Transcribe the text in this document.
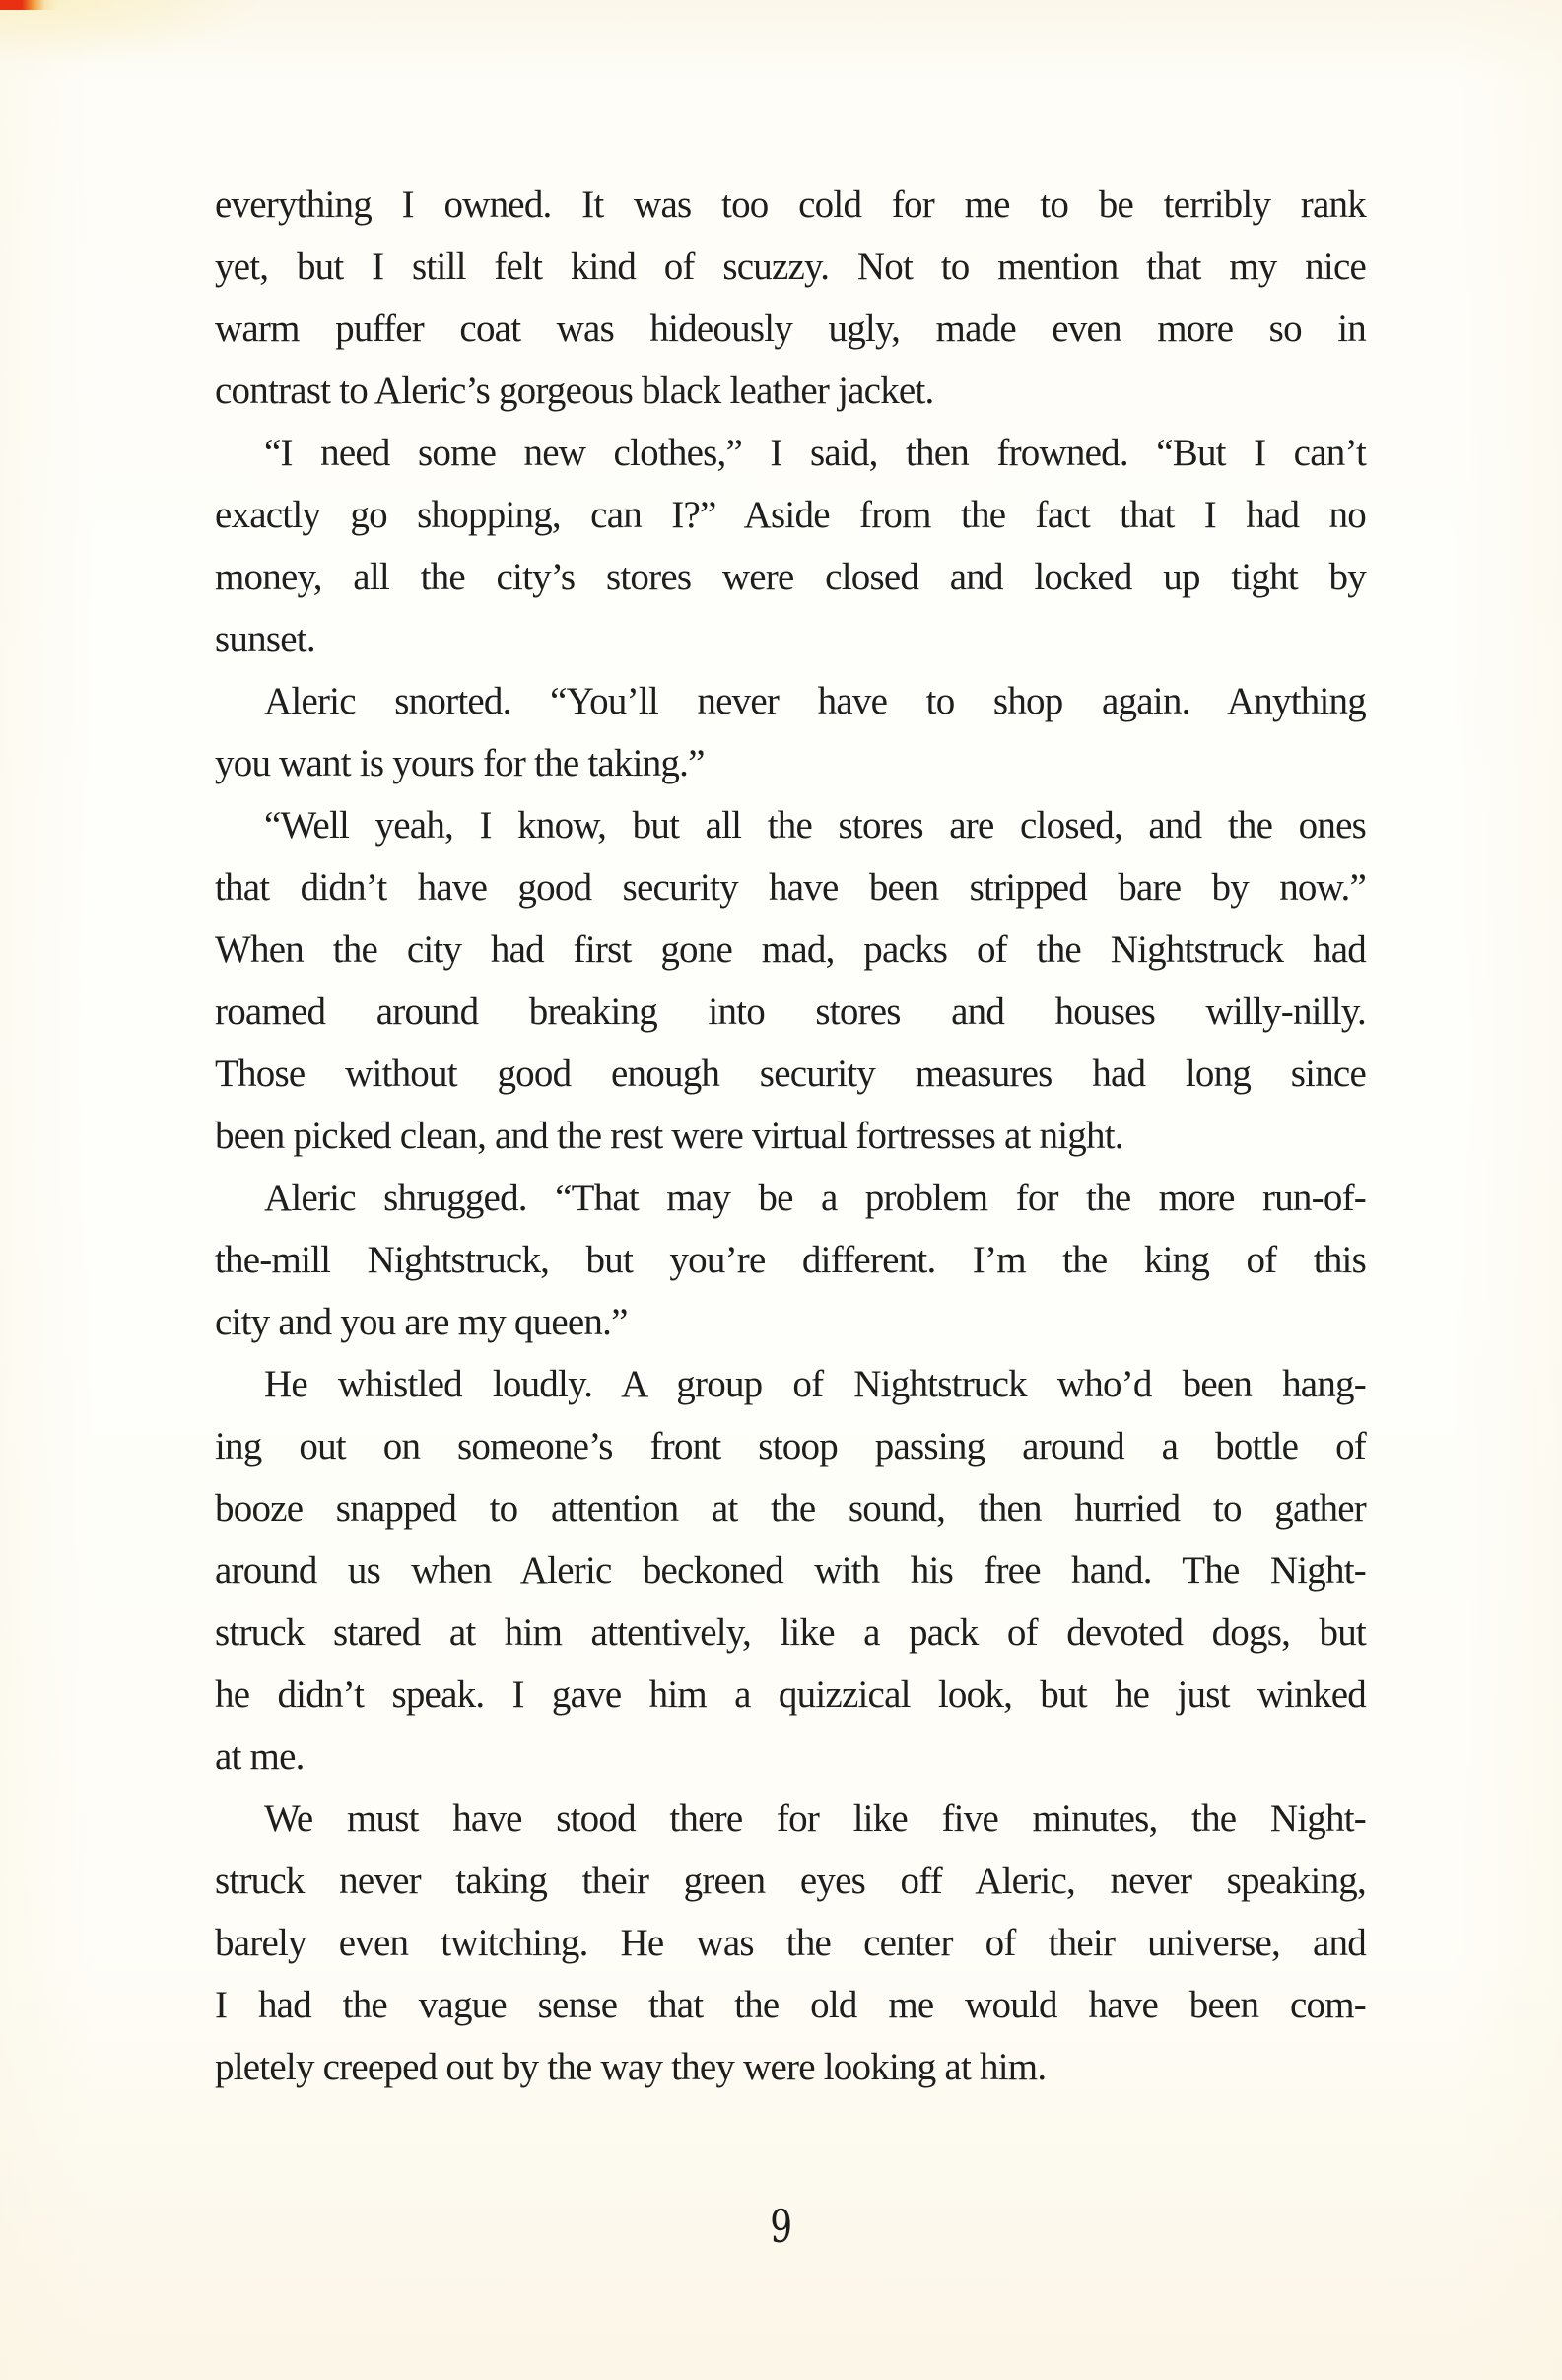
everything I owned. It was too cold for me to be terribly rank
yet, but I still felt kind of scuzzy. Not to mention that my nice
warm puffer coat was hideously ugly, made even more so in
contrast to Aleric’s gorgeous black leather jacket.
“I need some new clothes,” I said, then frowned. “But I can’t
exactly go shopping, can I?” Aside from the fact that I had no
money, all the city’s stores were closed and locked up tight by
sunset.
Aleric snorted. “You’ll never have to shop again. Anything
you want is yours for the taking.”
“Well yeah, I know, but all the stores are closed, and the ones
that didn’t have good security have been stripped bare by now.”
When the city had first gone mad, packs of the Nightstruck had
roamed around breaking into stores and houses willy-nilly.
Those without good enough security measures had long since
been picked clean, and the rest were virtual fortresses at night.
Aleric shrugged. “That may be a problem for the more run-of-
the-mill Nightstruck, but you’re different. I’m the king of this
city and you are my queen.”
He whistled loudly. A group of Nightstruck who’d been hang-
ing out on someone’s front stoop passing around a bottle of
booze snapped to attention at the sound, then hurried to gather
around us when Aleric beckoned with his free hand. The Night-
struck stared at him attentively, like a pack of devoted dogs, but
he didn’t speak. I gave him a quizzical look, but he just winked
at me.
We must have stood there for like five minutes, the Night-
struck never taking their green eyes off Aleric, never speaking,
barely even twitching. He was the center of their universe, and
I had the vague sense that the old me would have been com-
pletely creeped out by the way they were looking at him.
9
